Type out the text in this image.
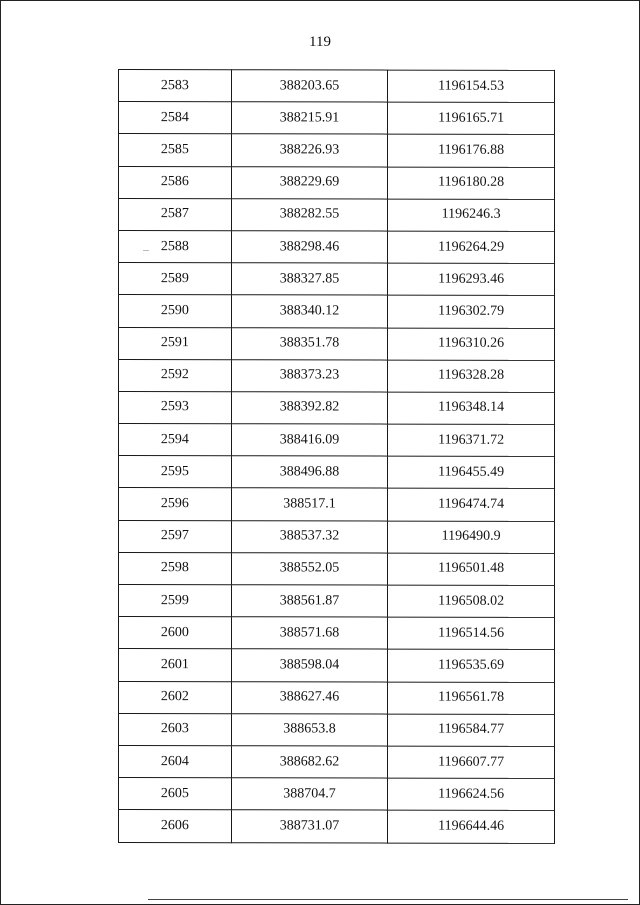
119
2583	388203.65	1196154.53
2584	388215.91	1196165.71
2585	388226.93	1196176.88
2586	388229.69	1196180.28
2587	388282.55	1196246.3
2588	388298.46	1196264.29
2589	388327.85	1196293.46
2590	388340.12	1196302.79
2591	388351.78	1196310.26
2592	388373.23	1196328.28
2593	388392.82	1196348.14
2594	388416.09	1196371.72
2595	388496.88	1196455.49
2596	388517.1	1196474.74
2597	388537.32	1196490.9
2598	388552.05	1196501.48
2599	388561.87	1196508.02
2600	388571.68	1196514.56
2601	388598.04	1196535.69
2602	388627.46	1196561.78
2603	388653.8	1196584.77
2604	388682.62	1196607.77
2605	388704.7	1196624.56
2606	388731.07	1196644.46
